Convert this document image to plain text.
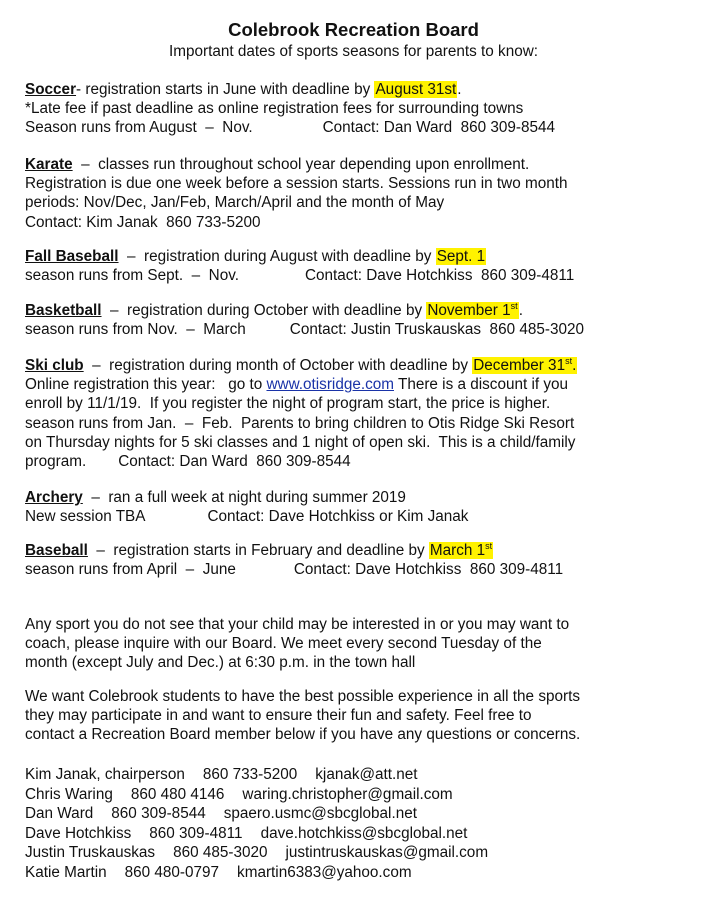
Colebrook Recreation Board
Important dates of sports seasons for parents to know:
Soccer- registration starts in June with deadline by August 31st.
*Late fee if past deadline as online registration fees for surrounding towns
Season runs from August  –  Nov.	Contact: Dan Ward  860 309-8544
Karate  –  classes run throughout school year depending upon enrollment.
Registration is due one week before a session starts. Sessions run in two month
periods: Nov/Dec, Jan/Feb, March/April and the month of May
Contact: Kim Janak  860 733-5200
Fall Baseball  –  registration during August with deadline by Sept. 1
season runs from Sept.  –  Nov.	Contact: Dave Hotchkiss  860 309-4811
Basketball  –  registration during October with deadline by November 1st.
season runs from Nov.  –  March	Contact: Justin Truskauskas  860 485-3020
Ski club  –  registration during month of October with deadline by December 31st.
Online registration this year:   go to www.otisridge.com There is a discount if you
enroll by 11/1/19.  If you register the night of program start, the price is higher.
season runs from Jan.  –  Feb.  Parents to bring children to Otis Ridge Ski Resort
on Thursday nights for 5 ski classes and 1 night of open ski.  This is a child/family
program. Contact: Dan Ward  860 309-8544
Archery  –  ran a full week at night during summer 2019
New session TBA	Contact: Dave Hotchkiss or Kim Janak
Baseball  –  registration starts in February and deadline by March 1st
season runs from April  –  June	Contact: Dave Hotchkiss  860 309-4811
Any sport you do not see that your child may be interested in or you may want to
coach, please inquire with our Board. We meet every second Tuesday of the
month (except July and Dec.) at 6:30 p.m. in the town hall
We want Colebrook students to have the best possible experience in all the sports
they may participate in and want to ensure their fun and safety. Feel free to
contact a Recreation Board member below if you have any questions or concerns.
Kim Janak, chairperson 860 733-5200 kjanak@att.net
Chris Waring 860 480 4146 waring.christopher@gmail.com
Dan Ward 860 309-8544 spaero.usmc@sbcglobal.net
Dave Hotchkiss 860 309-4811 dave.hotchkiss@sbcglobal.net
Justin Truskauskas 860 485-3020 justintruskauskas@gmail.com
Katie Martin 860 480-0797 kmartin6383@yahoo.com
